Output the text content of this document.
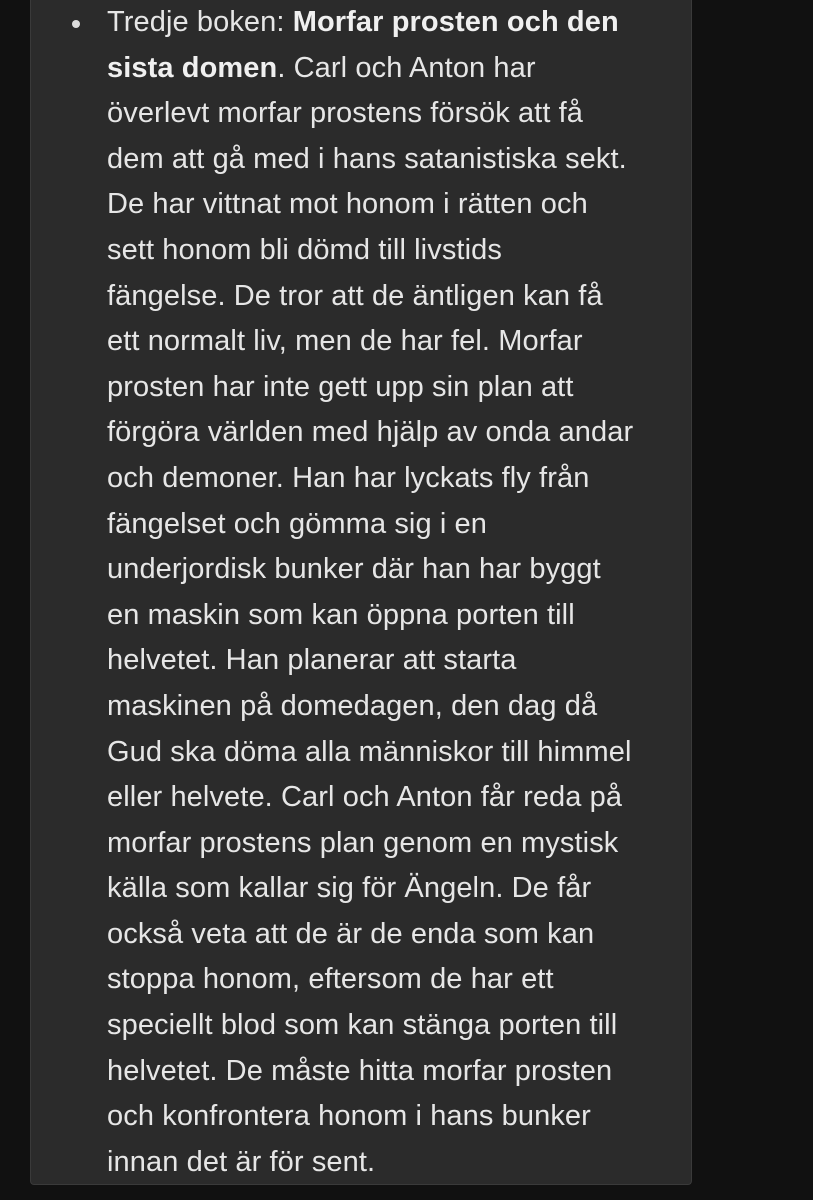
Tredje boken: Morfar prosten och den
sista domen. Carl och Anton har
överlevt morfar prostens försök att få
dem att gå med i hans satanistiska sekt.
De har vittnat mot honom i rätten och
sett honom bli dömd till livstids
fängelse. De tror att de äntligen kan få
ett normalt liv, men de har fel. Morfar
prosten har inte gett upp sin plan att
förgöra världen med hjälp av onda andar
och demoner. Han har lyckats fly från
fängelset och gömma sig i en
underjordisk bunker där han har byggt
en maskin som kan öppna porten till
helvetet. Han planerar att starta
maskinen på domedagen, den dag då
Gud ska döma alla människor till himmel
eller helvete. Carl och Anton får reda på
morfar prostens plan genom en mystisk
källa som kallar sig för Ängeln. De får
också veta att de är de enda som kan
stoppa honom, eftersom de har ett
speciellt blod som kan stänga porten till
helvetet. De måste hitta morfar prosten
och konfrontera honom i hans bunker
innan det är för sent.
